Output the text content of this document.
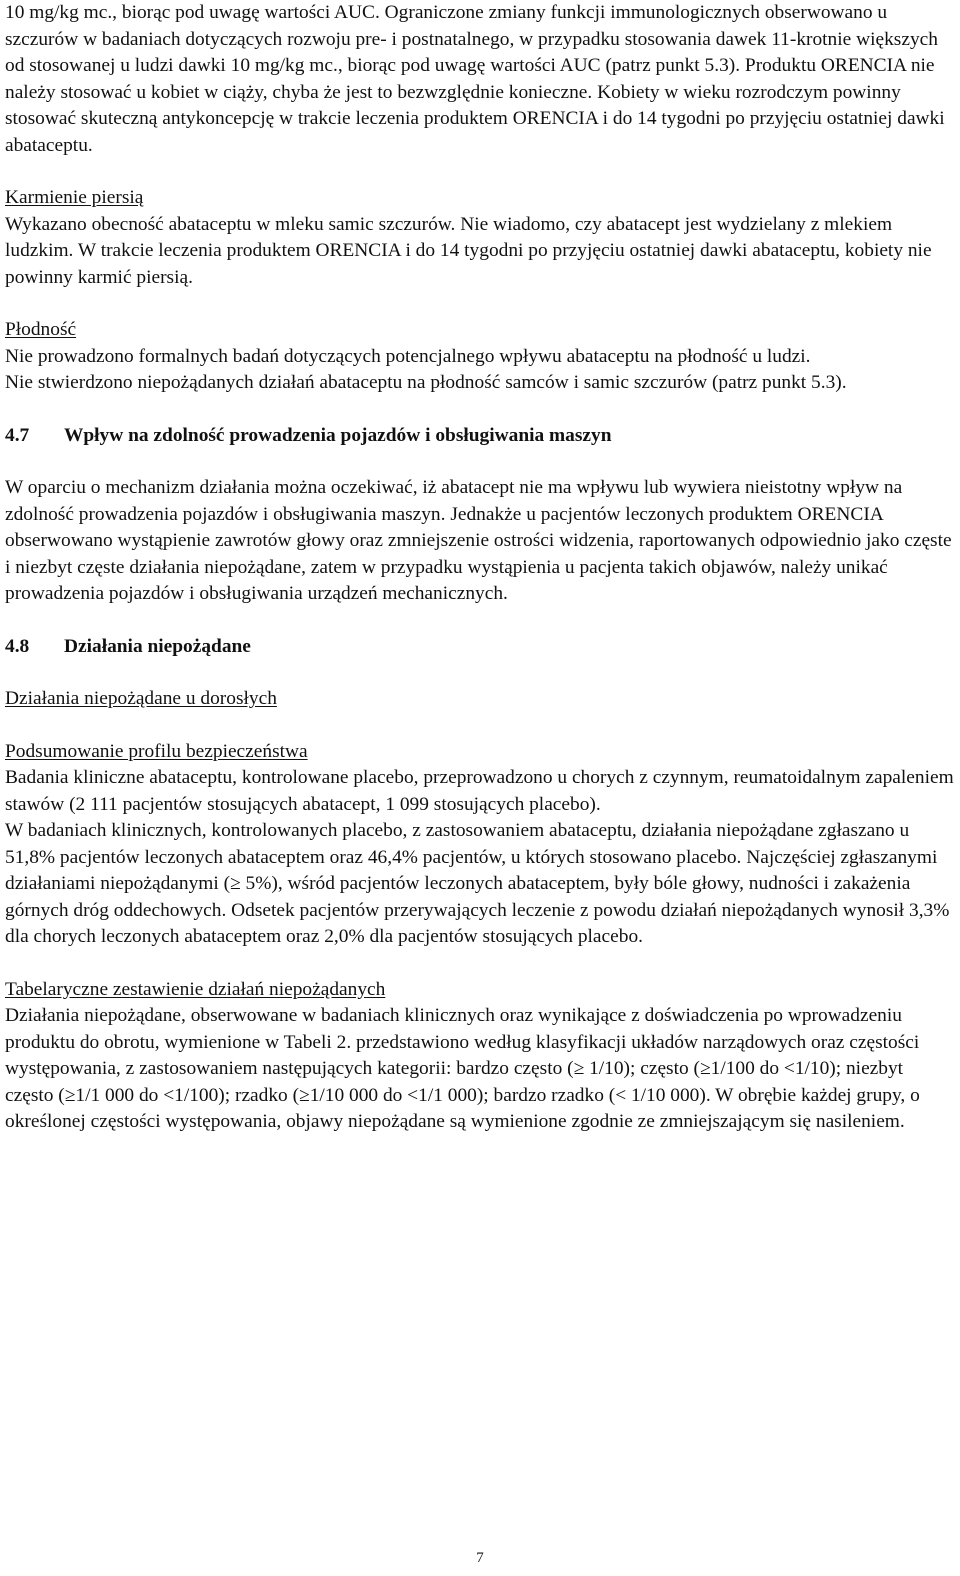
10 mg/kg mc., biorąc pod uwagę wartości AUC. Ograniczone zmiany funkcji immunologicznych obserwowano u szczurów w badaniach dotyczących rozwoju pre- i postnatalnego, w przypadku stosowania dawek 11-krotnie większych od stosowanej u ludzi dawki 10 mg/kg mc., biorąc pod uwagę wartości AUC (patrz punkt 5.3). Produktu ORENCIA nie należy stosować u kobiet w ciąży, chyba że jest to bezwzględnie konieczne. Kobiety w wieku rozrodczym powinny stosować skuteczną antykoncepcję w trakcie leczenia produktem ORENCIA i do 14 tygodni po przyjęciu ostatniej dawki abataceptu.

Karmienie piersią

Wykazano obecność abataceptu w mleku samic szczurów. Nie wiadomo, czy abatacept jest wydzielany z mlekiem ludzkim. W trakcie leczenia produktem ORENCIA i do 14 tygodni po przyjęciu ostatniej dawki abataceptu, kobiety nie powinny karmić piersią.

Płodność

Nie prowadzono formalnych badań dotyczących potencjalnego wpływu abataceptu na płodność u ludzi.

Nie stwierdzono niepożądanych działań abataceptu na płodność samców i samic szczurów (patrz punkt 5.3).

4.7 Wpływ na zdolność prowadzenia pojazdów i obsługiwania maszyn

W oparciu o mechanizm działania można oczekiwać, iż abatacept nie ma wpływu lub wywiera nieistotny wpływ na zdolność prowadzenia pojazdów i obsługiwania maszyn. Jednakże u pacjentów leczonych produktem ORENCIA obserwowano wystąpienie zawrotów głowy oraz zmniejszenie ostrości widzenia, raportowanych odpowiednio jako częste i niezbyt częste działania niepożądane, zatem w przypadku wystąpienia u pacjenta takich objawów, należy unikać prowadzenia pojazdów i obsługiwania urządzeń mechanicznych.

4.8 Działania niepożądane

Działania niepożądane u dorosłych

Podsumowanie profilu bezpieczeństwa

Badania kliniczne abataceptu, kontrolowane placebo, przeprowadzono u chorych z czynnym, reumatoidalnym zapaleniem stawów (2 111 pacjentów stosujących abatacept, 1 099 stosujących placebo).

W badaniach klinicznych, kontrolowanych placebo, z zastosowaniem abataceptu, działania niepożądane zgłaszano u 51,8% pacjentów leczonych abataceptem oraz 46,4% pacjentów, u których stosowano placebo. Najczęściej zgłaszanymi działaniami niepożądanymi (≥ 5%), wśród pacjentów leczonych abataceptem, były bóle głowy, nudności i zakażenia górnych dróg oddechowych. Odsetek pacjentów przerywających leczenie z powodu działań niepożądanych wynosił 3,3% dla chorych leczonych abataceptem oraz 2,0% dla pacjentów stosujących placebo.

Tabelaryczne zestawienie działań niepożądanych

Działania niepożądane, obserwowane w badaniach klinicznych oraz wynikające z doświadczenia po wprowadzeniu produktu do obrotu, wymienione w Tabeli 2. przedstawiono według klasyfikacji układów narządowych oraz częstości występowania, z zastosowaniem następujących kategorii: bardzo często (≥ 1/10); często (≥1/100 do <1/10); niezbyt często (≥1/1 000 do <1/100); rzadko (≥1/10 000 do <1/1 000); bardzo rzadko (< 1/10 000). W obrębie każdej grupy, o określonej częstości występowania, objawy niepożądane są wymienione zgodnie ze zmniejszającym się nasileniem.

7
